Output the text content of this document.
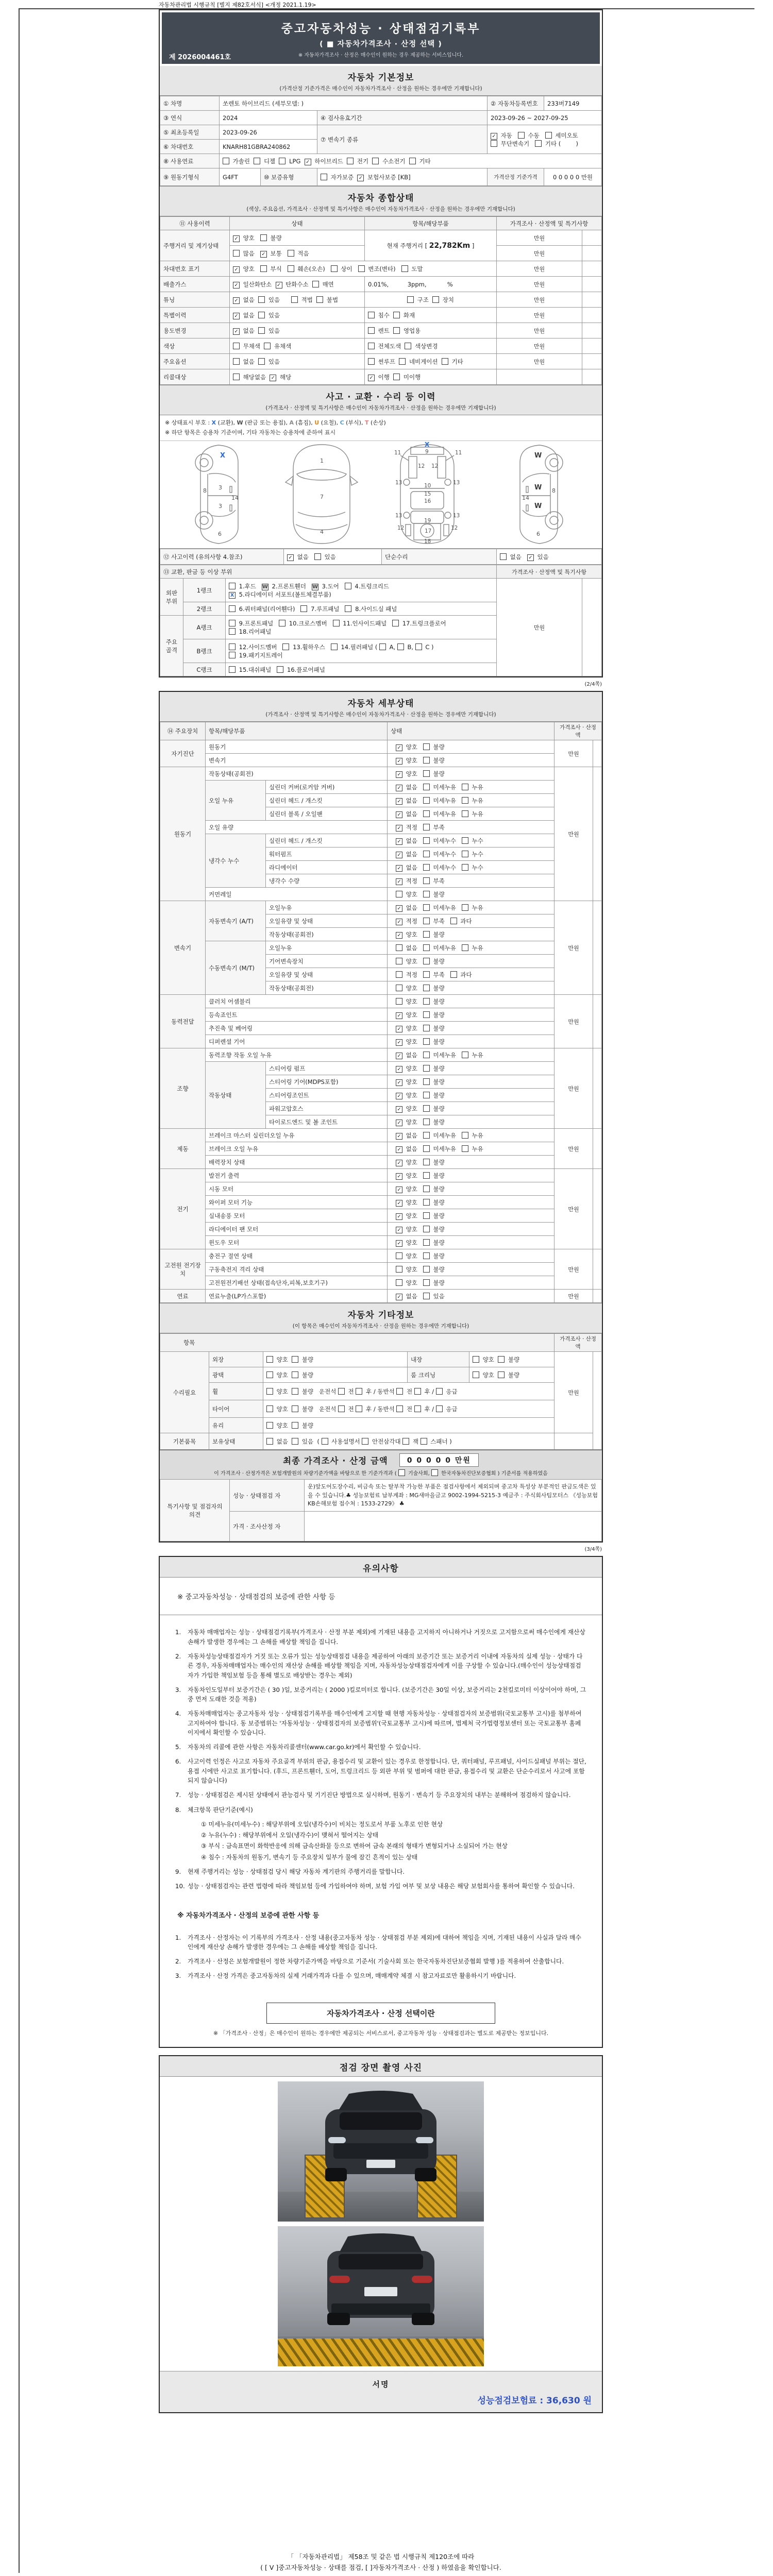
자동차관리법 시행규칙 [별지 제82호서식] <개정 2021.1.19>
중고자동차성능 · 상태점검기록부
( ■ 자동차가격조사 · 산정 선택 )
※ 자동차가격조사 · 산정은 매수인이 원하는 경우 제공하는 서비스입니다.
제 2026004461호
자동차 기본정보
(가격산정 기준가격은 매수인이 자동차가격조사 · 산정을 원하는 경우에만 기재합니다)
① 차명	쏘렌토 하이브리드 (세부모델: )			② 자동차등록번호	233버7149
③ 연식	2024		④ 검사유효기간	2023-09-26 ~ 2027-09-25	
⑤ 최초등록일	2023-09-26		⑦ 변속기 종류	✓ 자동    수동    세미오토
무단변속기    기타 (        )	
⑥ 차대번호	KNARH81GBRA240862				
⑧ 사용연료	가솔린   디젤   LPG  ✓ 하이브리드   전기   수소전기   기타				
⑨ 원동기형식	G4FT	⑩ 보증유형	자가보증  ✓ 보험사보증 [KB]	가격산정 기준가격	0 0 0 0 0 만원
자동차 종합상태
(색상, 주요옵션, 가격조사 · 산정액 및 특기사항은 매수인이 자동차가격조사 · 산정을 원하는 경우에만 기재합니다)
⑪ 사용이력	상태	항목/해당부품	가격조사 · 산정액 및 특기사항	
주행거리 및 계기상태	✓ 양호    불량	현재 주행거리 [ 22,782Km ]	만원	
	많음   ✓ 보통    적음		만원	
차대번호 표기	✓ 양호    부식    훼손(오손)    상이    변조(변타)    도말		만원	
배출가스	✓ 일산화탄소  ✓ 탄화수소   매연	0.01%,          3ppm,           %	만원	
튜닝	✓ 없음   있음       적법   불법	구조   장치	만원	
특별이력	✓ 없음   있음	침수   화재	만원	
용도변경	✓ 없음   있음	렌트   영업용	만원	
색상	무채색   유채색	전체도색   색상변경	만원	
주요옵션	없음   있음	썬루프   네비게이션   기타	만원	
리콜대상	해당없음  ✓ 해당	✓ 이행   미이행		
사고 · 교환 · 수리 등 이력
(가격조사 · 산정액 및 특기사항은 매수인이 자동차가격조사 · 산정을 원하는 경우에만 기재합니다)
※ 상태표시 부호 : X (교환), W (판금 또는 용접), A (흠집), U (요철), C (부식), T (손상)
※ 하단 항목은 승용차 기준이며, 기타 자동차는 승용차에 준하여 표시
X
8 3
3
14
6
1
7
4
X
11	11
9
12 12
13	13
10
15
16
13	13
19
17
12	12
18
W
W
W
8
14
6
⑫ 사고이력 (유의사항 4.참조)	✓ 없음    있음	단순수리	없음   ✓ 있음
⑬ 교환, 판금 등 이상 부위			가격조사 · 산정액 및 특기사항	
외판 부위	1랭크	1.후드   W 2.프론트휀더   W 3.도어    4.트렁크리드
X 5.라디에이터 서포트(볼트체결부품)	만원	
	2랭크	6.쿼터패널(리어휀다)    7.루프패널    8.사이드실 패널		
주요 골격	A랭크	9.프론트패널    10.크로스멤버    11.인사이드패널    17.트렁크플로어
18.리어패널		
	B랭크	12.사이드멤버    13.휠하우스    14.필러패널 (  A,  B,  C )
19.패키지트레이		
	C랭크	15.대쉬패널    16.플로어패널		
(2/4쪽)
자동차 세부상태
(가격조사 · 산정액 및 특기사항은 매수인이 자동차가격조사 · 산정을 원하는 경우에만 기재합니다)
⑭ 주요장치	항목/해당부품		상태	가격조사 · 산정액	
자기진단	원동기		✓ 양호    불량	만원	
	변속기		✓ 양호    불량		
원동기	작동상태(공회전)		✓ 양호    불량	만원	
	오일 누유	실린더 커버(로커암 커버)	✓ 없음    미세누유    누유		
		실린더 헤드 / 개스킷	✓ 없음    미세누유    누유		
		실린더 블록 / 오일팬	✓ 없음    미세누유    누유		
	오일 유량		✓ 적정    부족		
	냉각수 누수	실린더 헤드 / 개스킷	✓ 없음    미세누수    누수		
		워터펌프	✓ 없음    미세누수    누수		
		라디에이터	✓ 없음    미세누수    누수		
		냉각수 수량	✓ 적정    부족		
	커먼레일		양호    불량		
변속기	자동변속기 (A/T)	오일누유	✓ 없음    미세누유    누유	만원	
		오일유량 및 상태	✓ 적정    부족    과다		
		작동상태(공회전)	✓ 양호    불량		
	수동변속기 (M/T)	오일누유	없음    미세누유    누유		
		기어변속장치	양호    불량		
		오일유량 및 상태	적정    부족    과다		
		작동상태(공회전)	양호    불량		
동력전달	클러치 어셈블리		양호    불량	만원	
	등속죠인트		✓ 양호    불량		
	추진축 및 베어링		✓ 양호    불량		
	디퍼렌셜 기어		✓ 양호    불량		
조향	동력조향 작동 오일 누유		✓ 없음    미세누유    누유	만원	
	작동상태	스티어링 펌프	✓ 양호    불량		
		스티어링 기어(MDPS포함)	✓ 양호    불량		
		스티어링조인트	✓ 양호    불량		
		파워고압호스	✓ 양호    불량		
		타이로드엔드 및 볼 조인트	✓ 양호    불량		
제동	브레이크 마스터 실린더오일 누유		✓ 없음    미세누유    누유	만원	
	브레이크 오일 누유		✓ 없음    미세누유    누유		
	배력장치 상태		✓ 양호    불량		
전기	발전기 출력		✓ 양호    불량	만원	
	시동 모터		✓ 양호    불량		
	와이퍼 모터 기능		✓ 양호    불량		
	실내송풍 모터		✓ 양호    불량		
	라디에이터 팬 모터		✓ 양호    불량		
	윈도우 모터		✓ 양호    불량		
고전원 전기장치	충전구 절연 상태		양호    불량	만원	
	구동축전지 격리 상태		양호    불량		
	고전원전기배선 상태(접속단자,피복,보호기구)		양호    불량		
연료	연료누출(LP가스포함)		✓ 없음    있음	만원	
자동차 기타정보
(이 항목은 매수인이 자동차가격조사 · 산정을 원하는 경우에만 기재합니다)
항목					가격조사 · 산정액	
수리필요	외장	양호   불량	내장	양호   불량	만원	
	광택	양호   불량	룸 크리닝	양호   불량		
	휠	양호   불량   운전석  전  후 / 동반석  전  후 /  응급				
	타이어	양호   불량   운전석  전  후 / 동반석  전  후 /  응급				
	유리	양호   불량				
기본품목	보유상태	없음   있음  (  사용설명서  안전삼각대  잭  스패너 )				
최종 가격조사 · 산정 금액	0 0 0 0 0 만원
이 가격조사 · 산정가격은 보험개발원의 차량기준가액을 바탕으로 한 기준가격과 (  기술사회,  한국자동차진단보증협회 ) 기준서를 적용하였음
특기사항 및 점검자의 의견	성능 · 상태점검 자	운)앞도어도장수리, 비금속 또는 탈부착 가능한 부품은 점검사항에서 제외되며 중고차 특성상 부분적인 판금도색은 있을 수 있습니다.♣ 성능보험료 납부계좌 : MG새마을금고 9002-1994-5215-3 예금주 : 주식회사팀모터스 《성능보험 KB손해보험 접수처 : 1533-2729》 ♣
	가격 · 조사산정 자	
(3/4쪽)
유의사항
※ 중고자동차성능 · 상태점검의 보증에 관한 사항 등
1.	자동차 매매업자는 성능 · 상태점검기록부(가격조사 · 산정 부분 제외)에 기재된 내용을 고지하지 아니하거나 거짓으로 고지함으로써 매수인에게 재산상 손해가 발생한 경우에는 그 손해를 배상할 책임을 집니다.
2.	자동차성능상태점검자가 거짓 또는 오류가 있는 성능상태점검 내용을 제공하여 아래의 보증기간 또는 보증거리 이내에 자동차의 실제 성능 · 상태가 다른 경우, 자동차매매업자는 매수인의 재산상 손해를 배상할 책임을 지며, 자동차성능상태점검자에게 이를 구상할 수 있습니다.(매수인이 성능상태점검자가 가입한 책임보험 등을 통해 별도로 배상받는 경우는 제외)
3.	자동차인도일부터 보증기간은 ( 30 )일, 보증거리는 ( 2000 )킬로미터로 합니다. (보증기간은 30일 이상, 보증거리는 2천킬로미터 이상이어야 하며, 그 중 먼저 도래한 것을 적용)
4.	자동차매매업자는 중고자동차 성능 · 상태점검기록부를 매수인에게 고지할 때 현행 자동차성능 · 상태점검자의 보증범위(국토교통부 고시)를 첨부하여 고지하여야 합니다. 동 보증범위는 '자동차성능 · 상태점검자의 보증범위'(국토교통부 고시)에 따르며, 법제처 국가법령정보센터 또는 국토교통부 홈페이지에서 확인할 수 있습니다.
5.	자동차의 리콜에 관한 사항은 자동차리콜센터(www.car.go.kr)에서 확인할 수 있습니다.
6.	사고이력 인정은 사고로 자동차 주요골격 부위의 판금, 용접수리 및 교환이 있는 경우로 한정합니다. 단, 쿼터패널, 루프패널, 사이드실패널 부위는 절단, 용접 시에만 사고로 표기합니다. (후드, 프론트휀더, 도어, 트렁크리드 등 외판 부위 및 범퍼에 대한 판금, 용접수리 및 교환은 단순수리로서 사고에 포함되지 않습니다)
7.	성능 · 상태점검은 제시된 상태에서 관능검사 및 기기진단 방법으로 실시하며, 원동기 · 변속기 등 주요장치의 내부는 분해하여 점검하지 않습니다.
8.	체크항목 판단기준(예시)
① 미세누유(미세누수) : 해당부위에 오일(냉각수)이 비치는 정도로서 부품 노후로 인한 현상
② 누유(누수) : 해당부위에서 오일(냉각수)이 맺혀서 떨어지는 상태
③ 부식 : 금속표면이 화학반응에 의해 금속산화물 등으로 변하여 금속 본래의 형태가 변형되거나 소실되어 가는 현상
④ 침수 : 자동차의 원동기, 변속기 등 주요장치 일부가 물에 잠긴 흔적이 있는 상태
9.	현재 주행거리는 성능 · 상태점검 당시 해당 자동차 계기판의 주행거리를 말합니다.
10. 성능 · 상태점검자는 관련 법령에 따라 책임보험 등에 가입하여야 하며, 보험 가입 여부 및 보상 내용은 해당 보험회사를 통하여 확인할 수 있습니다.
※ 자동차가격조사 · 산정의 보증에 관한 사항 등
1.	가격조사 · 산정자는 이 기록부의 가격조사 · 산정 내용(중고자동차 성능 · 상태점검 부분 제외)에 대하여 책임을 지며, 기재된 내용이 사실과 달라 매수인에게 재산상 손해가 발생한 경우에는 그 손해를 배상할 책임을 집니다.
2.	가격조사 · 산정은 보험개발원이 정한 차량기준가액을 바탕으로 기준서( 기술사회 또는 한국자동차진단보증협회 발행 )를 적용하여 산출합니다.
3.	가격조사 · 산정 가격은 중고자동차의 실제 거래가격과 다를 수 있으며, 매매계약 체결 시 참고자료로만 활용하시기 바랍니다.
자동차가격조사 · 산정 선택이란
※ 「가격조사 · 산정」은 매수인이 원하는 경우에만 제공되는 서비스로서, 중고자동차 성능 · 상태점검과는 별도로 제공받는 정보입니다.
점검 장면 촬영 사진
서명
성능점검보험료 : 36,630 원
「 「자동차관리법」 제58조 및 같은 법 시행규칙 제120조에 따라
( [ V ]중고자동차성능 · 상태를 점검, [ ]자동차가격조사 · 산정 ) 하였음을 확인합니다.
